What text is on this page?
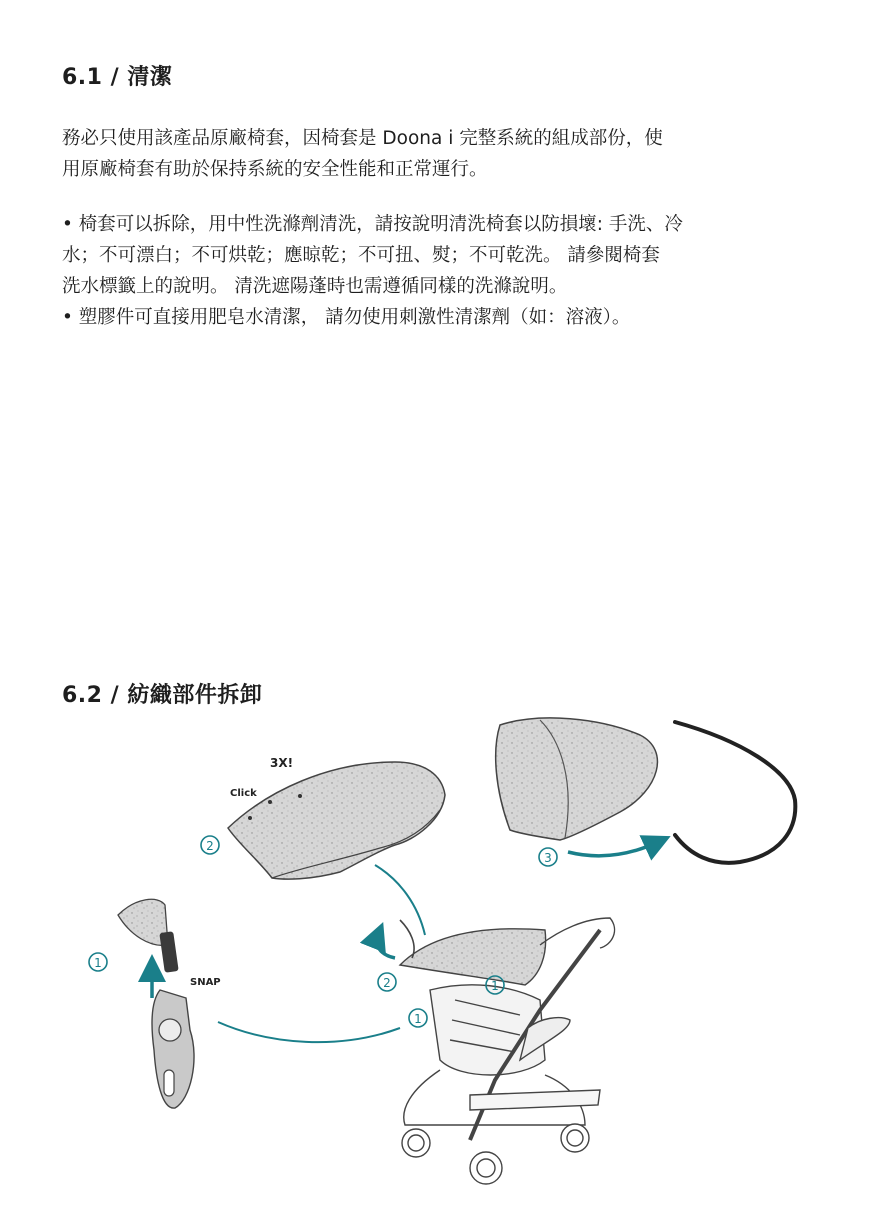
6.1 / 清潔
務必只使用該產品原廠椅套，因椅套是 Doona i 完整系統的組成部份，使
用原廠椅套有助於保持系統的安全性能和正常運行。
• 椅套可以拆除，用中性洗滌劑清洗，請按說明清洗椅套以防損壞: 手洗、冷
水；不可漂白；不可烘乾；應晾乾；不可扭、熨；不可乾洗。 請參閱椅套
洗水標籤上的說明。 清洗遮陽蓬時也需遵循同樣的洗滌說明。
• 塑膠件可直接用肥皂水清潔， 請勿使用刺激性清潔劑（如：溶液）。
6.2 / 紡織部件拆卸
3X!
Click
2
3
SNAP
1
2	1
1
